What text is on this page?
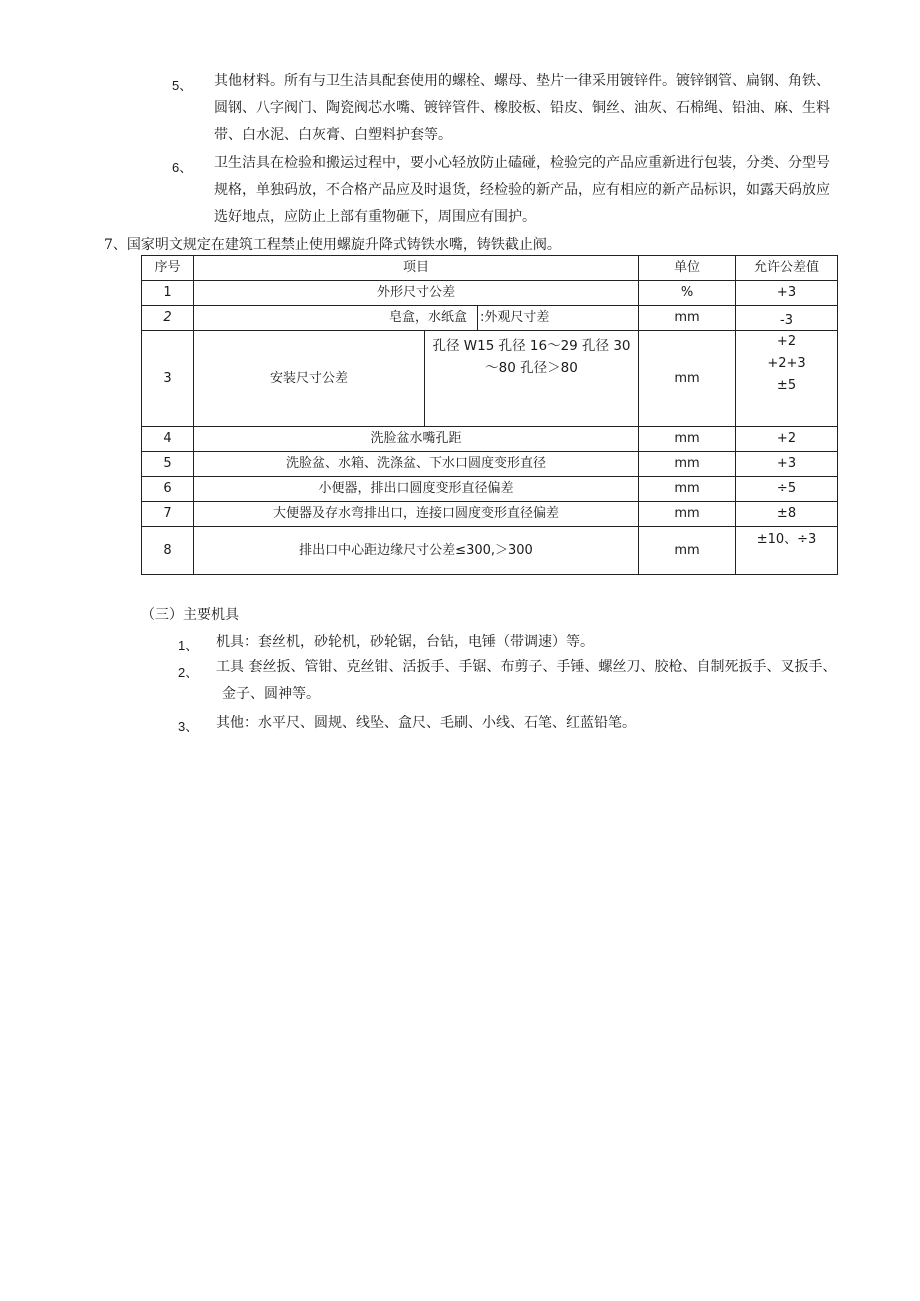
5、 其他材料。所有与卫生洁具配套使用的螺栓、螺母、垫片一律采用镀锌件。镀锌钢管、扁钢、角铁、
圆钢、八字阀门、陶瓷阀芯水嘴、镀锌管件、橡胶板、铅皮、铜丝、油灰、石棉绳、铅油、麻、生料
带、白水泥、白灰膏、白塑料护套等。
6、 卫生洁具在检验和搬运过程中，要小心轻放防止磕碰，检验完的产品应重新进行包装，分类、分型号
规格，单独码放，不合格产品应及时退货，经检验的新产品，应有相应的新产品标识，如露天码放应
选好地点，应防止上部有重物砸下，周围应有围护。
7、国家明文规定在建筑工程禁止使用螺旋升降式铸铁水嘴，铸铁截止阀。
序号	项目		单位	允许公差值
1	外形尺寸公差		%	+3
2	皂盒，水纸盒 :外观尺寸差		mm	-3
3	安装尺寸公差	孔径 W15 孔径 16～29 孔径 30～80 孔径＞80	mm	+2
+2+3
±5

4	洗脸盆水嘴孔距		mm	+2
5	洗脸盆、水箱、洗涤盆、下水口圆度变形直径		mm	+3
6	小便器，排出口圆度变形直径偏差		mm	÷5
7	大便器及存水弯排出口，连接口圆度变形直径偏差		mm	±8
8	排出口中心距边缘尺寸公差≤300,＞300		mm	±10、÷3
（三）主要机具
1、 机具：套丝机，砂轮机，砂轮锯，台钻，电锤（带调速）等。
2、 工具 套丝扳、管钳、克丝钳、活扳手、手锯、布剪子、手锤、螺丝刀、胶枪、自制死扳手、叉扳手、
金子、圆神等。
3、 其他：水平尺、圆规、线坠、盒尺、毛刷、小线、石笔、红蓝铅笔。
